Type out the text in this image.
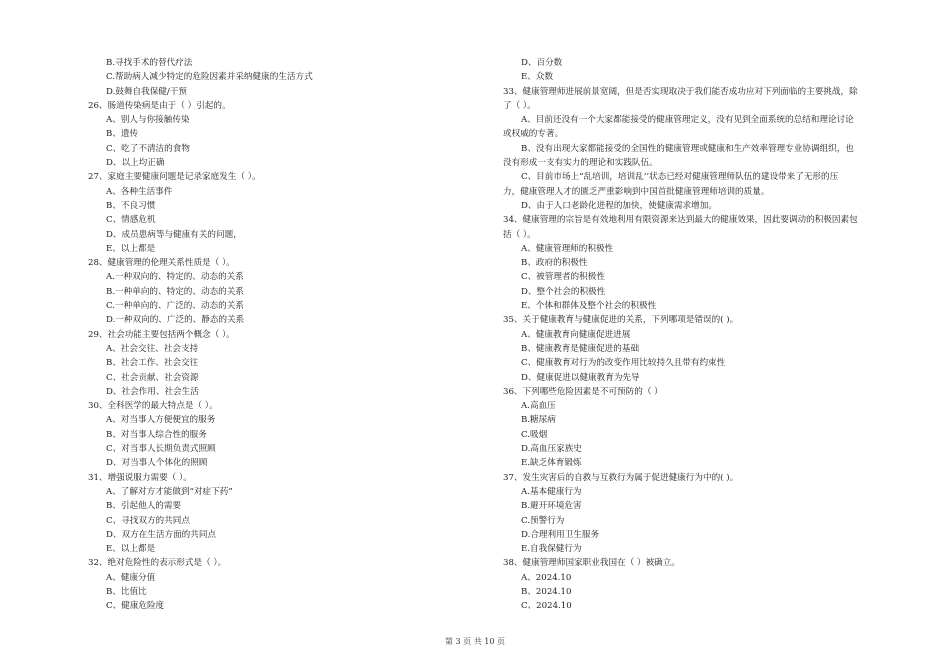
B.寻找手术的替代疗法
C.帮助病人减少特定的危险因素并采纳健康的生活方式
D.鼓舞自我保健/干预
26、肠道传染病是由于（ ）引起的。
A、别人与你接触传染
B、遗传
C、吃了不清洁的食物
D、以上均正确
27、家庭主要健康问题是记录家庭发生（ ）。
A、各种生活事件
B、不良习惯
C、情感危机
D、成员患病等与健康有关的问题，
E、以上都是
28、健康管理的伦理关系性质是（ ）。
A.一种双向的、特定的、动态的关系
B.一种单向的、特定的、动态的关系
C.一种单向的、广泛的、动态的关系
D.一种双向的、广泛的、静态的关系
29、社会功能主要包括两个概念（ ）。
A、社会交往、社会支持
B、社会工作、社会交往
C、社会贡献、社会资源
D、社会作用、社会生活
30、全科医学的最大特点是（ ）。
A、对当事人方便便宜的服务
B、对当事人综合性的服务
C、对当事人长期负责式照顾
D、对当事人个体化的照顾
31、增强说服力需要（ ）。
A、了解对方才能做到“对症下药”
B、引起他人的需要
C、寻找双方的共同点
D、双方在生活方面的共同点
E、以上都是
32、绝对危险性的表示形式是（ ）。
A、健康分值
B、比值比
C、健康危险度
D、百分数
E、众数
33、健康管理师进展前景宽阔，但是否实现取决于我们能否成功应对下列面临的主要挑战，除
了（ ）。
A、目前还没有一个大家都能接受的健康管理定义，没有见到全面系统的总结和理论讨论
或权威的专著。
B、没有出现大家都能接受的全国性的健康管理或健康和生产效率管理专业协调组织，也
没有形成一支有实力的理论和实践队伍。
C、目前市场上“乱培训，培训乱’’状态已经对健康管理师队伍的建设带来了无形的压
力，健康管理人才的匮乏严重影响到中国首批健康管理师培训的质量。
D、由于人口老龄化进程的加快，使健康需求增加。
34、健康管理的宗旨是有效地利用有限资源来达到最大的健康效果，因此要调动的积极因素包
括（ ）。
A、健康管理师的积极性
B、政府的积极性
C、被管理者的积极性
D、整个社会的积极性
E、个体和群体及整个社会的积极性
35、关于健康教育与健康促进的关系，下列哪项是错误的( )。
A、健康教育向健康促进进展
B、健康教育是健康促进的基础
C、健康教育对行为的改变作用比较持久且带有约束性
D、健康促进以健康教育为先导
36、下列哪些危险因素是不可预防的（ ）
A.高血压
B.糖尿病
C.吸烟
D.高血压家族史
E.缺乏体育锻炼
37、发生灾害后的自救与互救行为属于促进健康行为中的( )。
A.基本健康行为
B.避开环境危害
C.预警行为
D.合理利用卫生服务
E.自我保健行为
38、健康管理师国家职业我国在（ ）被确立。
A、2024.10
B、2024.10
C、2024.10
第 3 页 共 10 页
